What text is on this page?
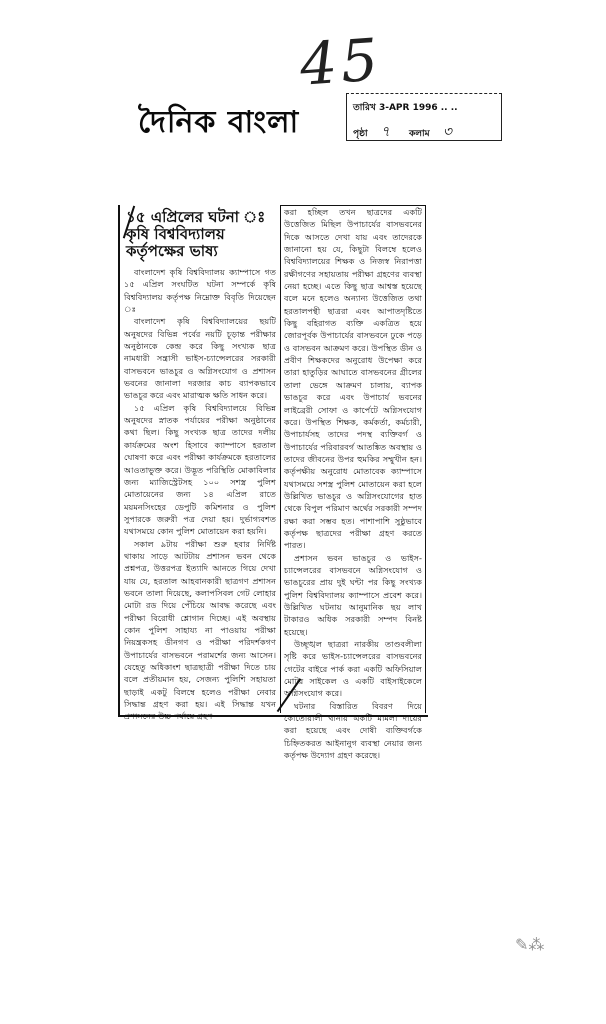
45
দৈনিক বাংলা	তারিখ 3-APR 1996 .. ..
পৃষ্ঠা ৭ কলাম ৩
১৫ এপ্রিলের ঘটনা ঃ কৃষি বিশ্ববিদ্যালয় কর্তৃপক্ষের ভাষ্য

বাংলাদেশ কৃষি বিশ্ববিদ্যালয় ক্যাম্পাসে গত ১৫ এপ্রিল সংঘটিত ঘটনা সম্পর্কে কৃষি বিশ্ববিদ্যালয় কর্তৃপক্ষ নিম্নোক্ত বিবৃতি দিয়েছেন ঃ

বাংলাদেশ কৃষি বিশ্ববিদ্যালয়ের ছয়টি অনুষদের বিভিন্ন পর্বের নয়টি চূড়ান্ত পরীক্ষার অনুষ্ঠানকে কেন্দ্র করে কিছু সংখ্যক ছাত্র নামধারী সন্ত্রাসী ভাইস-চ্যান্সেলরের সরকারী বাসভবনে ভাঙচুর ও অগ্নিসংযোগ ও প্রশাসন ভবনের জানালা দরজার কাচ ব্যাপকভাবে ভাঙচুর করে এবং মারাত্মক ক্ষতি সাধন করে।

১৫ এপ্রিল কৃষি বিশ্ববিদ্যালয়ে বিভিন্ন অনুষদের স্নাতক পর্যায়ের পরীক্ষা অনুষ্ঠানের কথা ছিল। কিছু সংখ্যক ছাত্র তাদের দলীয় কার্যক্রমের অংশ হিসাবে ক্যাম্পাসে হরতাল ঘোষণা করে এবং পরীক্ষা কার্যক্রমকে হরতালের আওতাভুক্ত করে। উদ্ভূত পরিস্থিতি মোকাবিলার জন্য ম্যাজিস্ট্রেটসহ ১০০ সশস্ত্র পুলিশ মোতায়েনের জন্য ১৪ এপ্রিল রাতে ময়মনসিংহের ডেপুটি কমিশনার ও পুলিশ সুপারকে জরুরী পত্র দেয়া হয়। দুর্ভাগ্যবশত যথাসময়ে কোন পুলিশ মোতায়েন করা হয়নি।

সকাল ৯টায় পরীক্ষা শুরু হবার নির্দিষ্ট থাকায় সাড়ে আটটায় প্রশাসন ভবন থেকে প্রশ্নপত্র, উত্তরপত্র ইত্যাদি আনতে গিয়ে দেখা যায় যে, হরতাল আহবানকারী ছাত্রগণ প্রশাসন ভবনে তালা দিয়েছে, কলাপসিবল গেট লোহার মোটা রড দিয়ে পেঁচিয়ে আবদ্ধ করেছে এবং পরীক্ষা বিরোধী শ্লোগান দিচ্ছে। এই অবস্থায় কোন পুলিশ সাহায্য না পাওয়ায় পরীক্ষা নিয়ন্ত্রকসহ ডীনগণ ও পরীক্ষা পরিদর্শকগণ উপাচার্যের বাসভবনে পরামর্শের জন্য আসেন। যেহেতু অধিকাংশ ছাত্রছাত্রী পরীক্ষা দিতে চায় বলে প্রতীয়মান হয়, সেজন্য পুলিশি সহায়তা ছাড়াই একটু বিলম্বে হলেও পরীক্ষা নেবার সিদ্ধান্ত গ্রহণ করা হয়। এই সিদ্ধান্ত যখন প্রশাসনের উচ্চ পর্যায়ে গ্রহণ

করা হচ্ছিল তখন ছাত্রদের একটি উত্তেজিত মিছিল উপাচার্যের বাসভবনের দিকে আসতে দেখা যায় এবং তাদেরকে জানানো হয় যে, কিছুটা বিলম্বে হলেও বিশ্ববিদ্যালয়ের শিক্ষক ও নিজস্ব নিরাপত্তা রক্ষীগণের সহায়তায় পরীক্ষা গ্রহণের ব্যবস্থা নেয়া হচ্ছে। এতে কিছু ছাত্র আশ্বস্ত হয়েছে বলে মনে হলেও অন্যান্য উত্তেজিত তথা হরতালপন্থী ছাত্ররা এবং আপাতদৃষ্টিতে কিছু বহিরাগত ব্যক্তি একত্রিত হয়ে জোরপূর্বক উপাচার্যের বাসভবনে ঢুকে পড়ে ও বাসভবন আক্রমণ করে। উপস্থিত ডীন ও প্রবীণ শিক্ষকদের অনুরোধ উপেক্ষা করে তারা হাতুড়ির আঘাতে বাসভবনের গ্রীলের তালা ভেঙ্গে আক্রমণ চালায়, ব্যাপক ভাঙচুর করে এবং উপাচার্য ভবনের লাইব্রেরী সোফা ও কার্পেটে অগ্নিসংযোগ করে। উপস্থিত শিক্ষক, কর্মকর্তা, কর্মচারী, উপাচার্যসহ তাদের পদস্থ ব্যক্তিবর্গ ও উপাচার্যের পরিবারবর্গ আতঙ্কিত অবস্থায় ও তাদের জীবনের উপর হুমকির সম্মুখীন হন। কর্তৃপক্ষীয় অনুরোধ মোতাবেক ক্যাম্পাসে যথাসময়ে সশস্ত্র পুলিশ মোতায়েন করা হলে উল্লিখিত ভাঙচুর ও অগ্নিসংযোগের হাত থেকে বিপুল পরিমাণ অর্থের সরকারী সম্পদ রক্ষা করা সম্ভব হত। পাশাপাশি সুষ্ঠুভাবে কর্তৃপক্ষ ছাত্রদের পরীক্ষা গ্রহণ করতে পারত।

প্রশাসন ভবন ভাঙচুর ও ভাইস-চ্যান্সেলরের বাসভবনে অগ্নিসংযোগ ও ভাঙচুরের প্রায় দুই ঘন্টা পর কিছু সংখ্যক পুলিশ বিশ্ববিদ্যালয় ক্যাম্পাসে প্রবেশ করে। উল্লিখিত ঘটনায় আনুমানিক ছয় লাখ টাকারও অধিক সরকারী সম্পদ বিনষ্ট হয়েছে।

উচ্ছৃঙ্খল ছাত্ররা নারকীয় তাণ্ডবলীলা সৃষ্টি করে ভাইস-চ্যান্সেলরের বাসভবনের গেটের বাইরে পার্ক করা একটি অফিসিয়াল মোটর সাইকেল ও একটি বাইসাইকেলে অগ্নিসংযোগ করে।

ঘটনার বিস্তারিত বিবরণ দিয়ে কোতোয়ালী থানায় একটি মামলা দায়ের করা হয়েছে এবং দোষী ব্যক্তিবর্গকে চিহ্নিতকরত আইনানুগ ব্যবস্থা নেয়ার জন্য কর্তৃপক্ষ উদ্যোগ গ্রহণ করেছে।

✎⁂
